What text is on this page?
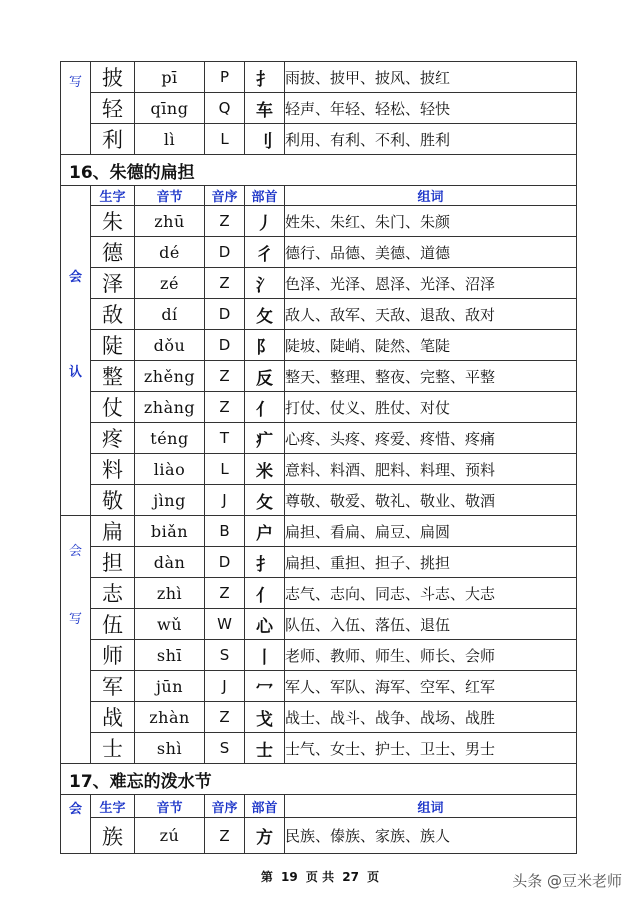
写	披	pī	P	扌	雨披、披甲、披风、披红
	轻	qīng	Q	车	轻声、年轻、轻松、轻快
	利	lì	L	刂	利用、有利、不利、胜利
16、朱德的扁担					

会
认	生字	音节	音序	部首	组词
	朱	zhū	Z	丿	姓朱、朱红、朱门、朱颜
	德	dé	D	彳	德行、品德、美德、道德
	泽	zé	Z	氵	色泽、光泽、恩泽、光泽、沼泽
	敌	dí	D	攵	敌人、敌军、天敌、退敌、敌对
	陡	dǒu	D	阝	陡坡、陡峭、陡然、笔陡
	整	zhěng	Z	反	整天、整理、整夜、完整、平整
	仗	zhàng	Z	亻	打仗、仗义、胜仗、对仗
	疼	téng	T	疒	心疼、头疼、疼爱、疼惜、疼痛
	料	liào	L	米	意料、料酒、肥料、料理、预料
	敬	jìng	J	攵	尊敬、敬爱、敬礼、敬业、敬酒

会
写	扁	biǎn	B	户	扁担、看扁、扁豆、扁圆
	担	dàn	D	扌	扁担、重担、担子、挑担
	志	zhì	Z	亻	志气、志向、同志、斗志、大志
	伍	wǔ	W	心	队伍、入伍、落伍、退伍
	师	shī	S	丨	老师、教师、师生、师长、会师
	军	jūn	J	冖	军人、军队、海军、空军、红军
	战	zhàn	Z	戈	战士、战斗、战争、战场、战胜
	士	shì	S	士	士气、女士、护士、卫士、男士
17、难忘的泼水节					

会	生字	音节	音序	部首	组词
	族	zú	Z	方	民族、傣族、家族、族人
第 19 页 共 27 页	头条 @豆米老师
